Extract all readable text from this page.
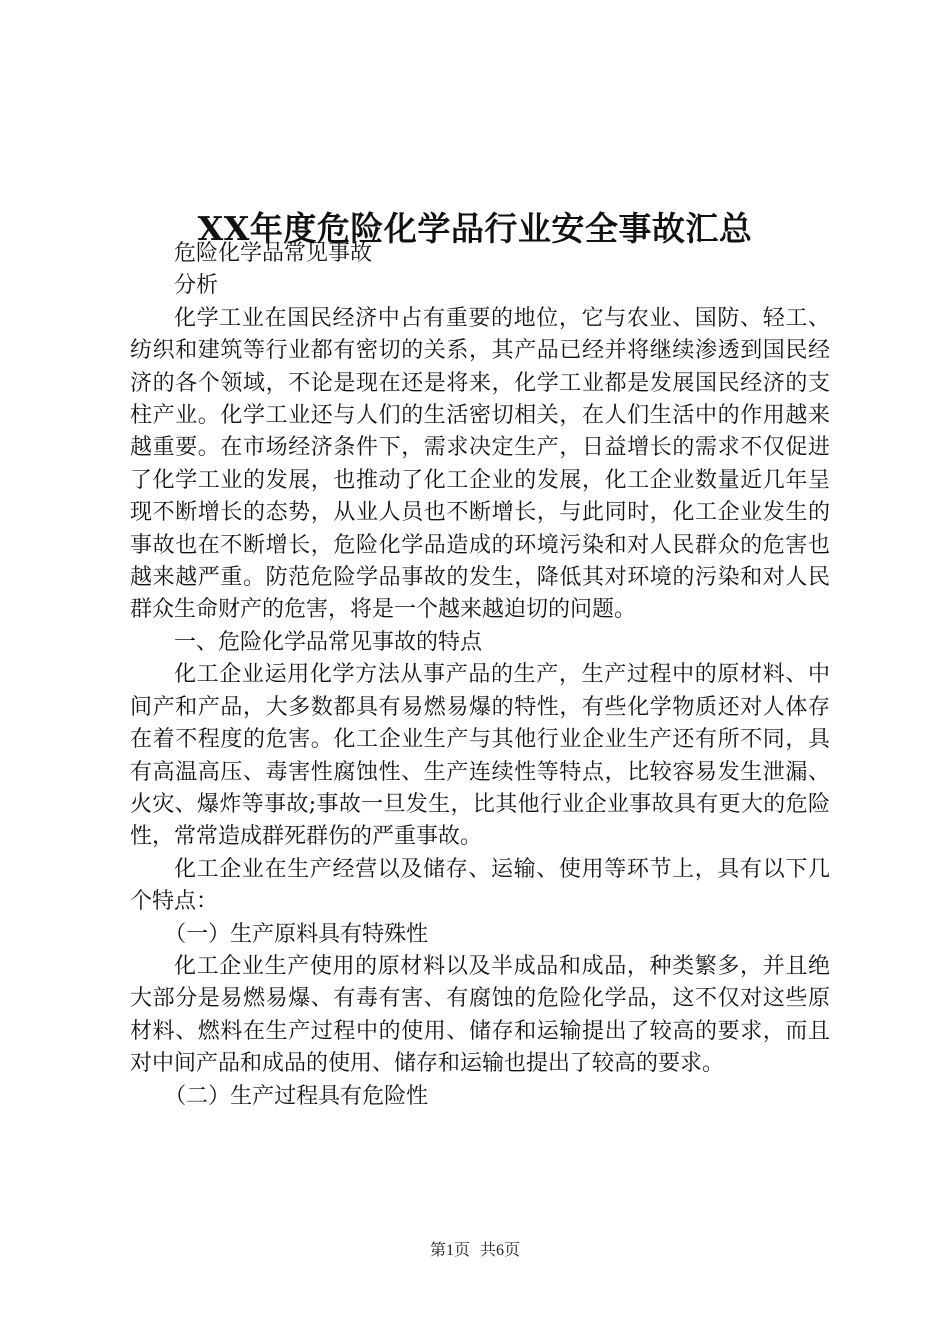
XX年度危险化学品行业安全事故汇总

危险化学品常见事故

分析

化学工业在国民经济中占有重要的地位，它与农业、国防、轻工、纺织和建筑等行业都有密切的关系，其产品已经并将继续渗透到国民经济的各个领域，不论是现在还是将来，化学工业都是发展国民经济的支柱产业。化学工业还与人们的生活密切相关，在人们生活中的作用越来越重要。在市场经济条件下，需求决定生产，日益增长的需求不仅促进了化学工业的发展，也推动了化工企业的发展，化工企业数量近几年呈现不断增长的态势，从业人员也不断增长，与此同时，化工企业发生的事故也在不断增长，危险化学品造成的环境污染和对人民群众的危害也越来越严重。防范危险学品事故的发生，降低其对环境的污染和对人民群众生命财产的危害，将是一个越来越迫切的问题。

一、危险化学品常见事故的特点

化工企业运用化学方法从事产品的生产，生产过程中的原材料、中间产和产品，大多数都具有易燃易爆的特性，有些化学物质还对人体存在着不程度的危害。化工企业生产与其他行业企业生产还有所不同，具有高温高压、毒害性腐蚀性、生产连续性等特点，比较容易发生泄漏、火灾、爆炸等事故;事故一旦发生，比其他行业企业事故具有更大的危险性，常常造成群死群伤的严重事故。

化工企业在生产经营以及储存、运输、使用等环节上，具有以下几个特点：

（一）生产原料具有特殊性

化工企业生产使用的原材料以及半成品和成品，种类繁多，并且绝大部分是易燃易爆、有毒有害、有腐蚀的危险化学品，这不仅对这些原材料、燃料在生产过程中的使用、储存和运输提出了较高的要求，而且对中间产品和成品的使用、储存和运输也提出了较高的要求。

（二）生产过程具有危险性

第1页 共6页
